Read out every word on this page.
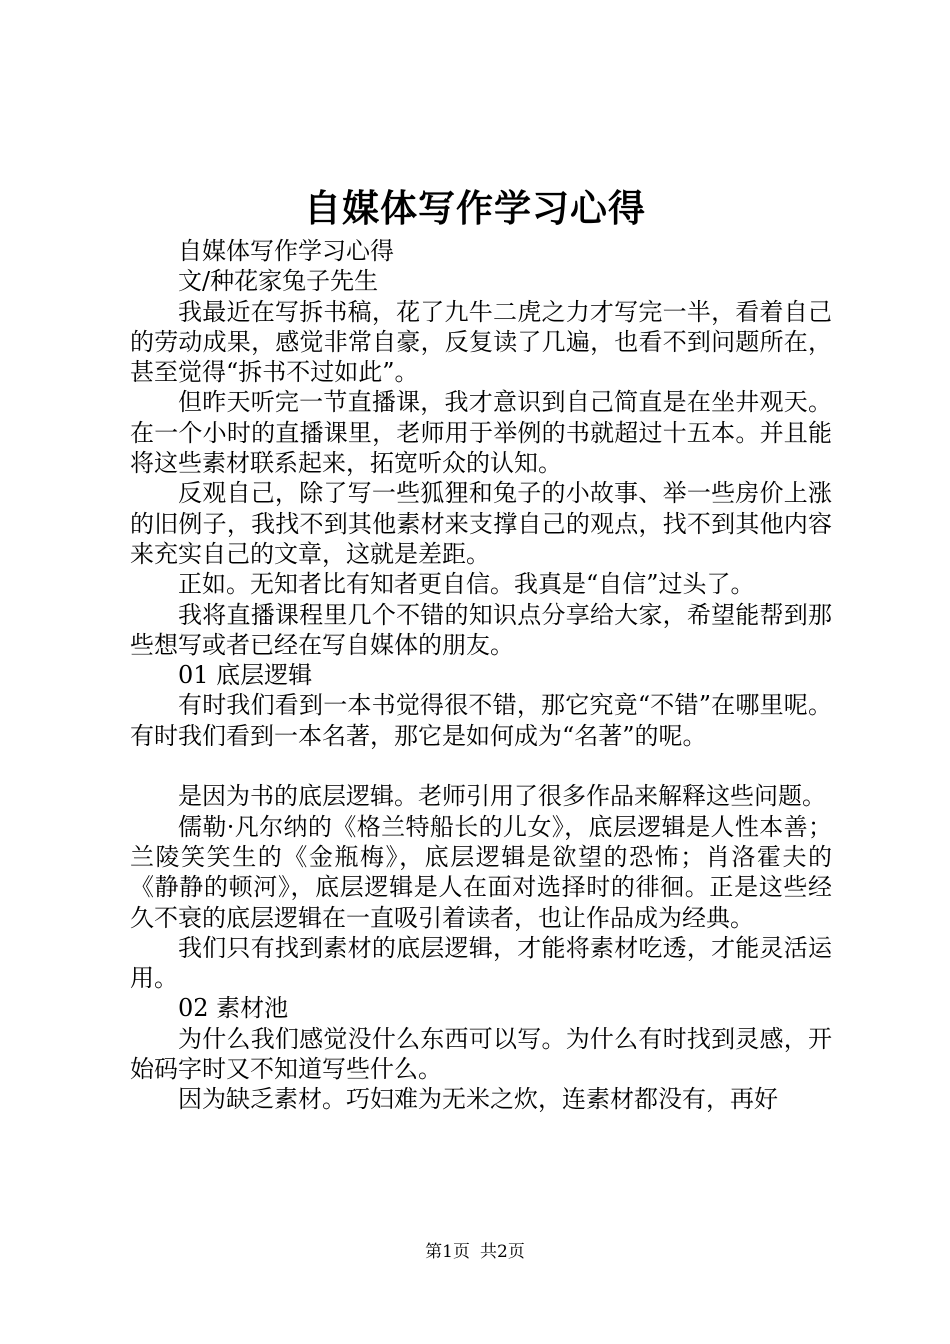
自媒体写作学习心得

自媒体写作学习心得

文/种花家兔子先生

我最近在写拆书稿，花了九牛二虎之力才写完一半，看着自己的劳动成果，感觉非常自豪，反复读了几遍，也看不到问题所在，甚至觉得“拆书不过如此”。

但昨天听完一节直播课，我才意识到自己简直是在坐井观天。在一个小时的直播课里，老师用于举例的书就超过十五本。并且能将这些素材联系起来，拓宽听众的认知。

反观自己，除了写一些狐狸和兔子的小故事、举一些房价上涨的旧例子，我找不到其他素材来支撑自己的观点，找不到其他内容来充实自己的文章，这就是差距。

正如。无知者比有知者更自信。我真是“自信”过头了。

我将直播课程里几个不错的知识点分享给大家，希望能帮到那些想写或者已经在写自媒体的朋友。

01 底层逻辑

有时我们看到一本书觉得很不错，那它究竟“不错”在哪里呢。有时我们看到一本名著，那它是如何成为“名著”的呢。

是因为书的底层逻辑。老师引用了很多作品来解释这些问题。

儒勒·凡尔纳的《格兰特船长的儿女》，底层逻辑是人性本善；兰陵笑笑生的《金瓶梅》，底层逻辑是欲望的恐怖；肖洛霍夫的《静静的顿河》，底层逻辑是人在面对选择时的徘徊。正是这些经久不衰的底层逻辑在一直吸引着读者，也让作品成为经典。

我们只有找到素材的底层逻辑，才能将素材吃透，才能灵活运用。

02 素材池

为什么我们感觉没什么东西可以写。为什么有时找到灵感，开始码字时又不知道写些什么。

因为缺乏素材。巧妇难为无米之炊，连素材都没有，再好

第1页 共2页
